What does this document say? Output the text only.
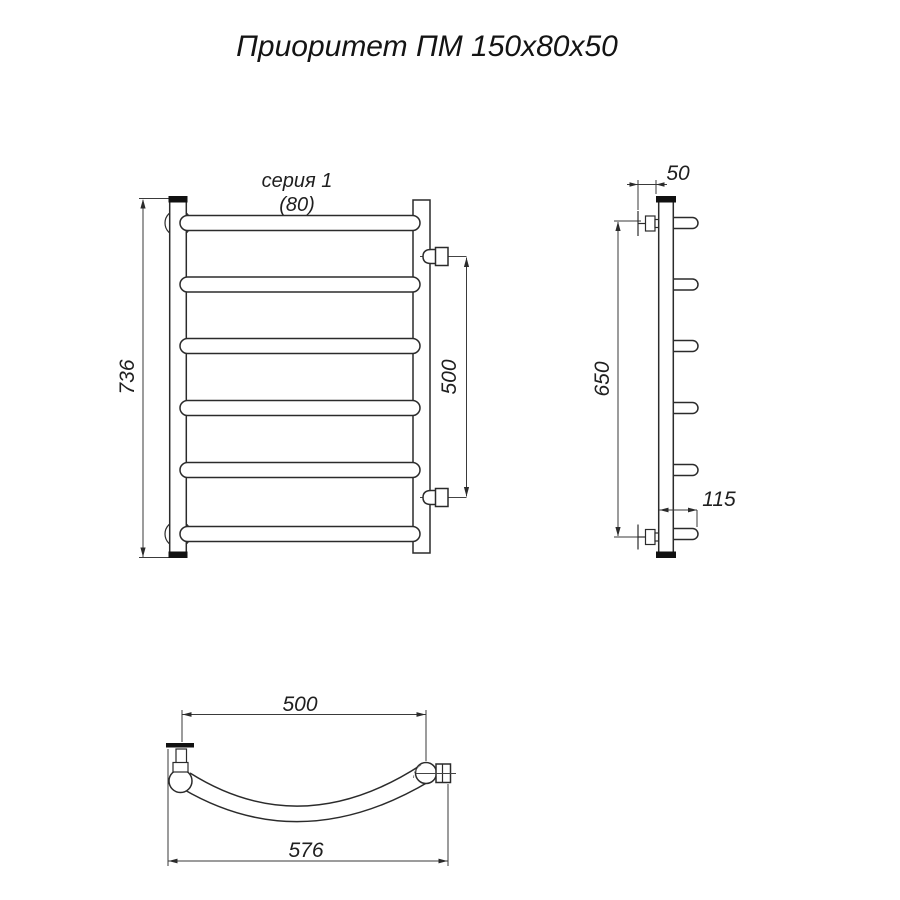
Приоритет ПМ 150х80х50
серия 1
(80)
736	500	650
50
115
500
576
